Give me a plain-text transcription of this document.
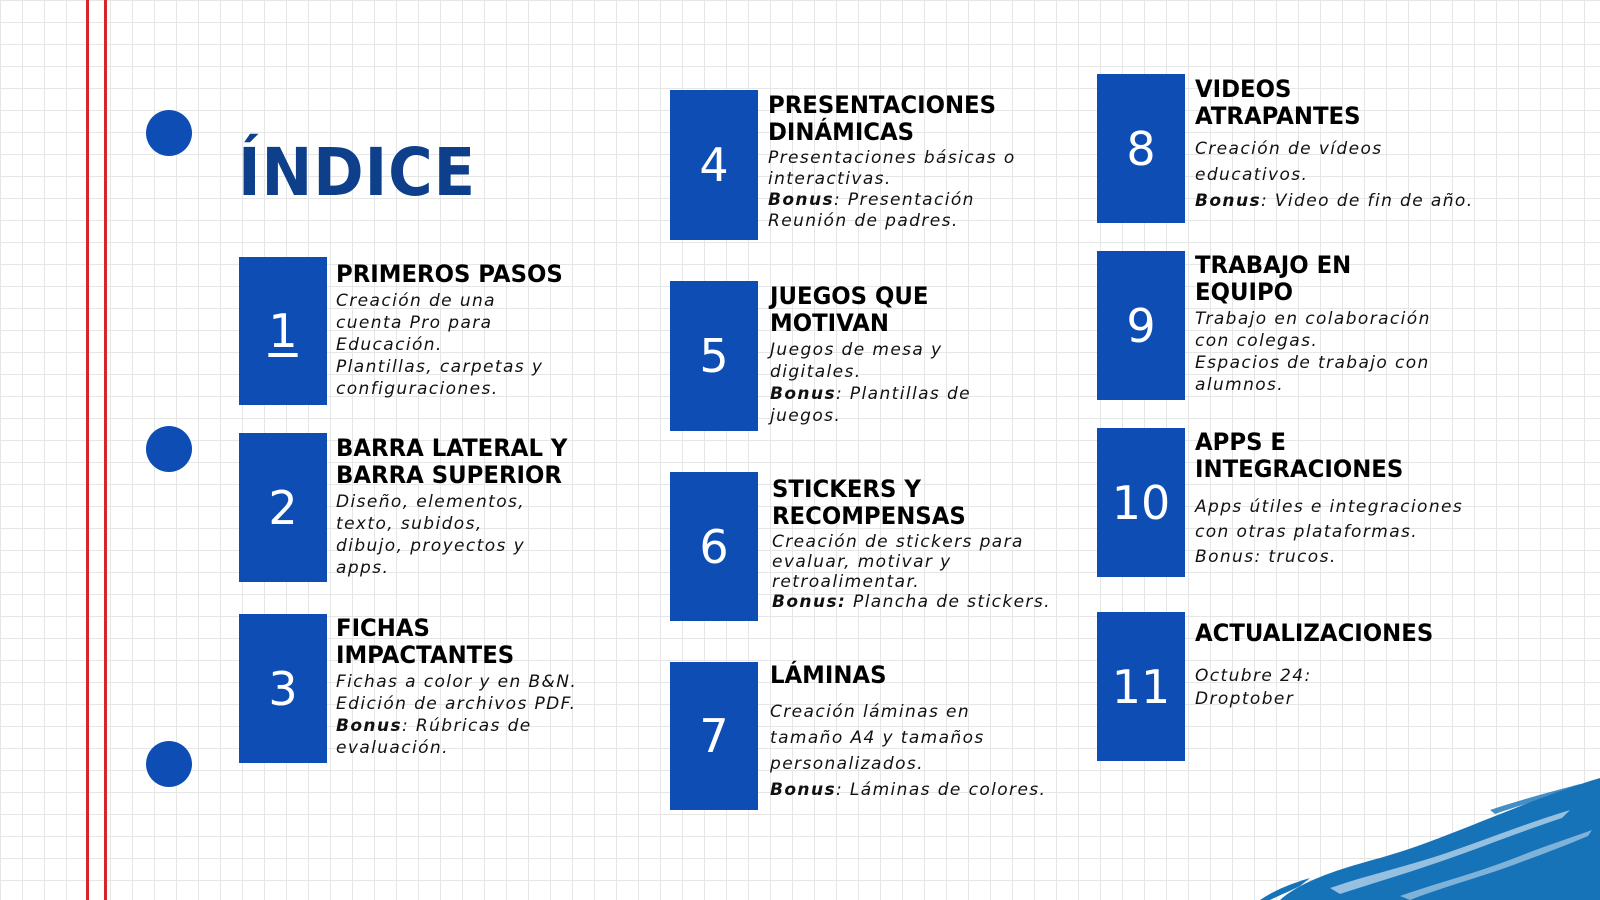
ÍNDICE
1
PRIMEROS PASOS
Creación de una
cuenta Pro para
Educación.
Plantillas, carpetas y
configuraciones.
2
BARRA LATERAL Y
BARRA SUPERIOR
Diseño, elementos,
texto, subidos,
dibujo, proyectos y
apps.
3
FICHAS
IMPACTANTES
Fichas a color y en B&N.
Edición de archivos PDF.
Bonus: Rúbricas de
evaluación.
4
PRESENTACIONES
DINÁMICAS
Presentaciones básicas o
interactivas.
Bonus: Presentación
Reunión de padres.
5
JUEGOS QUE
MOTIVAN
Juegos de mesa y
digitales.
Bonus: Plantillas de
juegos.
6
STICKERS Y
RECOMPENSAS
Creación de stickers para
evaluar, motivar y
retroalimentar.
Bonus: Plancha de stickers.
7
LÁMINAS
Creación láminas en
tamaño A4 y tamaños
personalizados.
Bonus: Láminas de colores.
8
VIDEOS
ATRAPANTES
Creación de vídeos
educativos.
Bonus: Video de fin de año.
9
TRABAJO EN
EQUIPO
Trabajo en colaboración
con colegas.
Espacios de trabajo con
alumnos.
10
APPS E
INTEGRACIONES
Apps útiles e integraciones
con otras plataformas.
Bonus: trucos.
11
ACTUALIZACIONES
Octubre 24:
Droptober
